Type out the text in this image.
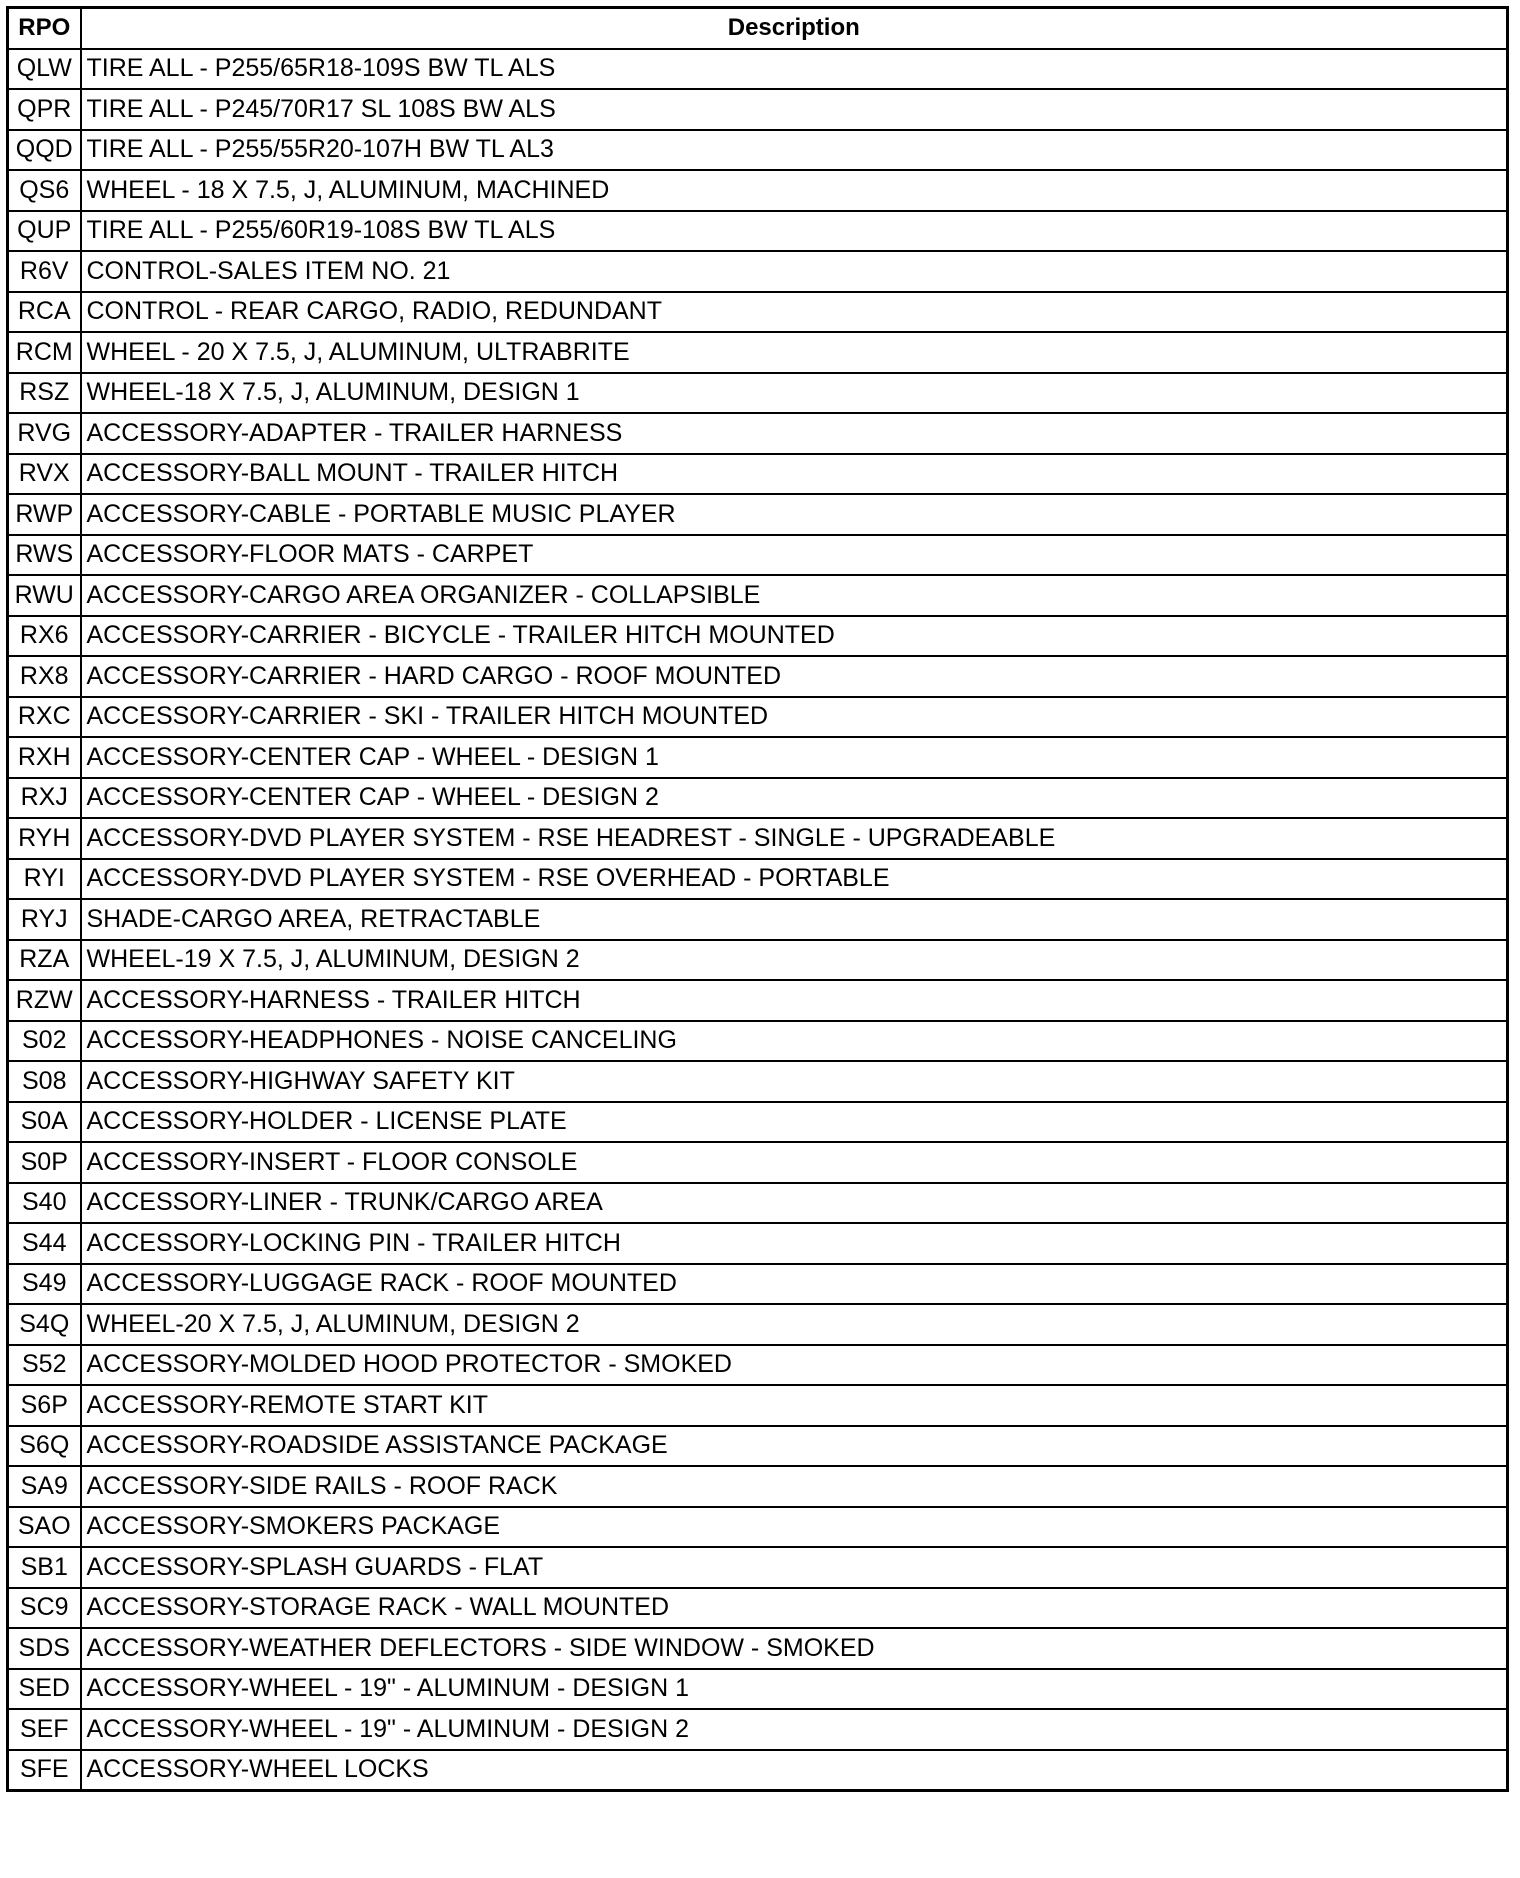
RPO	Description
QLW	TIRE ALL - P255/65R18-109S BW TL ALS
QPR	TIRE ALL - P245/70R17 SL 108S BW ALS
QQD	TIRE ALL - P255/55R20-107H BW TL AL3
QS6	WHEEL - 18 X 7.5, J, ALUMINUM, MACHINED
QUP	TIRE ALL - P255/60R19-108S BW TL ALS
R6V	CONTROL-SALES ITEM NO. 21
RCA	CONTROL - REAR CARGO, RADIO, REDUNDANT
RCM	WHEEL - 20 X 7.5, J, ALUMINUM, ULTRABRITE
RSZ	WHEEL-18 X 7.5, J, ALUMINUM, DESIGN 1
RVG	ACCESSORY-ADAPTER - TRAILER HARNESS
RVX	ACCESSORY-BALL MOUNT - TRAILER HITCH
RWP	ACCESSORY-CABLE - PORTABLE MUSIC PLAYER
RWS	ACCESSORY-FLOOR MATS - CARPET
RWU	ACCESSORY-CARGO AREA ORGANIZER - COLLAPSIBLE
RX6	ACCESSORY-CARRIER - BICYCLE - TRAILER HITCH MOUNTED
RX8	ACCESSORY-CARRIER - HARD CARGO - ROOF MOUNTED
RXC	ACCESSORY-CARRIER - SKI - TRAILER HITCH MOUNTED
RXH	ACCESSORY-CENTER CAP - WHEEL - DESIGN 1
RXJ	ACCESSORY-CENTER CAP - WHEEL - DESIGN 2
RYH	ACCESSORY-DVD PLAYER SYSTEM - RSE HEADREST - SINGLE - UPGRADEABLE
RYI	ACCESSORY-DVD PLAYER SYSTEM - RSE OVERHEAD - PORTABLE
RYJ	SHADE-CARGO AREA, RETRACTABLE
RZA	WHEEL-19 X 7.5, J, ALUMINUM, DESIGN 2
RZW	ACCESSORY-HARNESS - TRAILER HITCH
S02	ACCESSORY-HEADPHONES - NOISE CANCELING
S08	ACCESSORY-HIGHWAY SAFETY KIT
S0A	ACCESSORY-HOLDER - LICENSE PLATE
S0P	ACCESSORY-INSERT - FLOOR CONSOLE
S40	ACCESSORY-LINER - TRUNK/CARGO AREA
S44	ACCESSORY-LOCKING PIN - TRAILER HITCH
S49	ACCESSORY-LUGGAGE RACK - ROOF MOUNTED
S4Q	WHEEL-20 X 7.5, J, ALUMINUM, DESIGN 2
S52	ACCESSORY-MOLDED HOOD PROTECTOR - SMOKED
S6P	ACCESSORY-REMOTE START KIT
S6Q	ACCESSORY-ROADSIDE ASSISTANCE PACKAGE
SA9	ACCESSORY-SIDE RAILS - ROOF RACK
SAO	ACCESSORY-SMOKERS PACKAGE
SB1	ACCESSORY-SPLASH GUARDS - FLAT
SC9	ACCESSORY-STORAGE RACK - WALL MOUNTED
SDS	ACCESSORY-WEATHER DEFLECTORS - SIDE WINDOW - SMOKED
SED	ACCESSORY-WHEEL - 19" - ALUMINUM - DESIGN 1
SEF	ACCESSORY-WHEEL - 19" - ALUMINUM - DESIGN 2
SFE	ACCESSORY-WHEEL LOCKS
